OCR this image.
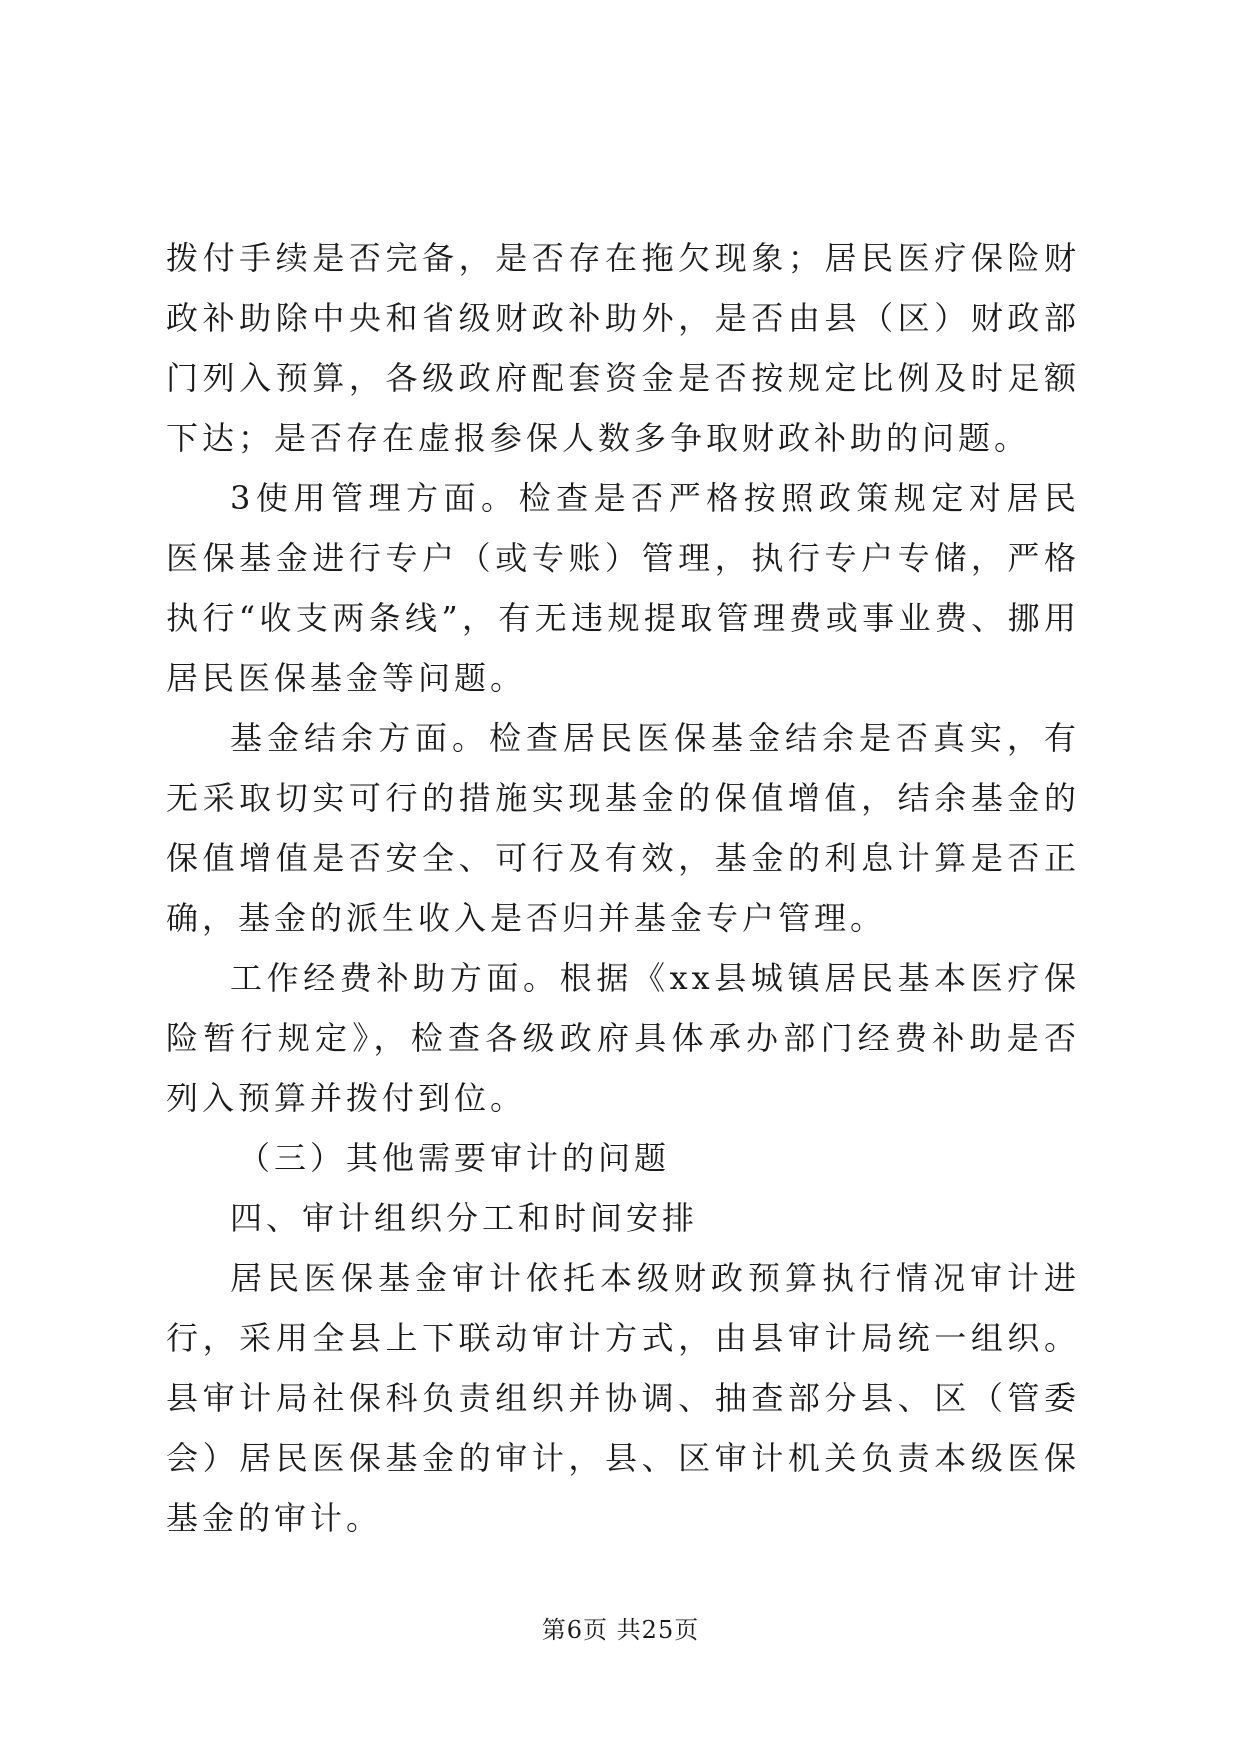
拨付手续是否完备，是否存在拖欠现象；居民医疗保险财政补助除中央和省级财政补助外，是否由县（区）财政部门列入预算，各级政府配套资金是否按规定比例及时足额下达；是否存在虚报参保人数多争取财政补助的问题。

3使用管理方面。检查是否严格按照政策规定对居民医保基金进行专户（或专账）管理，执行专户专储，严格执行“收支两条线”，有无违规提取管理费或事业费、挪用居民医保基金等问题。

基金结余方面。检查居民医保基金结余是否真实，有无采取切实可行的措施实现基金的保值增值，结余基金的保值增值是否安全、可行及有效，基金的利息计算是否正确，基金的派生收入是否归并基金专户管理。

工作经费补助方面。根据《xx县城镇居民基本医疗保险暂行规定》，检查各级政府具体承办部门经费补助是否列入预算并拨付到位。

（三）其他需要审计的问题

四、审计组织分工和时间安排

居民医保基金审计依托本级财政预算执行情况审计进行，采用全县上下联动审计方式，由县审计局统一组织。县审计局社保科负责组织并协调、抽查部分县、区（管委会）居民医保基金的审计，县、区审计机关负责本级医保基金的审计。

第6页 共25页
